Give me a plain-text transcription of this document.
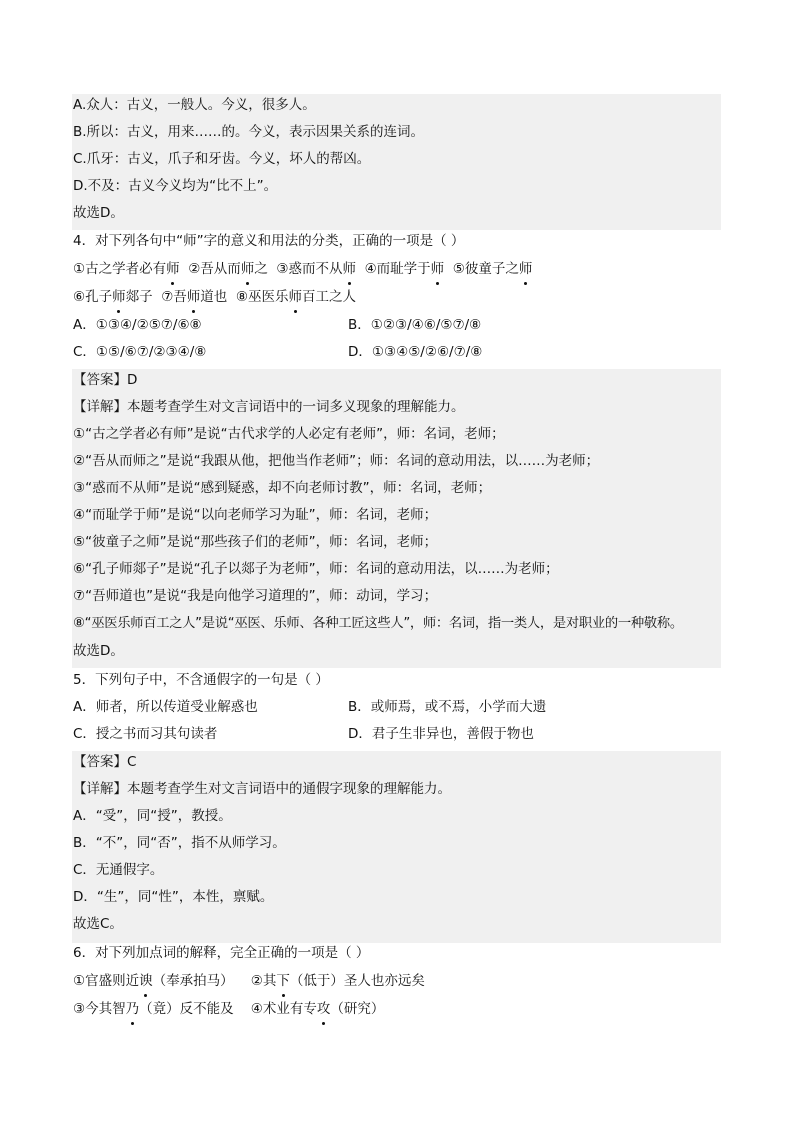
A.众人：古义，一般人。今义，很多人。
B.所以：古义，用来……的。今义，表示因果关系的连词。
C.爪牙：古义，爪子和牙齿。今义，坏人的帮凶。
D.不及：古义今义均为“比不上”。
故选D。
4．对下列各句中“师”字的意义和用法的分类，正确的一项是（ ）
①古之学者必有师  ②吾从而师之  ③惑而不从师  ④而耻学于师  ⑤彼童子之师
⑥孔子师郯子  ⑦吾师道也  ⑧巫医乐师百工之人
A．①③④/②⑤⑦/⑥⑧	B．①②③/④⑥/⑤⑦/⑧
C．①⑤/⑥⑦/②③④/⑧	D．①③④⑤/②⑥/⑦/⑧
【答案】D
【详解】本题考查学生对文言词语中的一词多义现象的理解能力。
①“古之学者必有师”是说“古代求学的人必定有老师”，师：名词，老师；
②“吾从而师之”是说“我跟从他，把他当作老师”；师：名词的意动用法，以……为老师；
③“惑而不从师”是说“感到疑惑，却不向老师讨教”，师：名词，老师；
④“而耻学于师”是说“以向老师学习为耻”，师：名词，老师；
⑤“彼童子之师”是说“那些孩子们的老师”，师：名词，老师；
⑥“孔子师郯子”是说“孔子以郯子为老师”，师：名词的意动用法，以……为老师；
⑦“吾师道也”是说“我是向他学习道理的”，师：动词，学习；
⑧“巫医乐师百工之人”是说“巫医、乐师、各种工匠这些人”，师：名词，指一类人，是对职业的一种敬称。
故选D。
5．下列句子中，不含通假字的一句是（ ）
A．师者，所以传道受业解惑也	B．或师焉，或不焉，小学而大遗
C．授之书而习其句读者	D．君子生非异也，善假于物也
【答案】C
【详解】本题考查学生对文言词语中的通假字现象的理解能力。
A．“受”，同“授”，教授。
B．“不”，同“否”，指不从师学习。
C．无通假字。
D．“生”，同“性”，本性，禀赋。
故选C。
6．对下列加点词的解释，完全正确的一项是（ ）
①官盛则近谀（奉承拍马）    ②其下（低于）圣人也亦远矣
③今其智乃（竟）反不能及    ④术业有专攻（研究）
